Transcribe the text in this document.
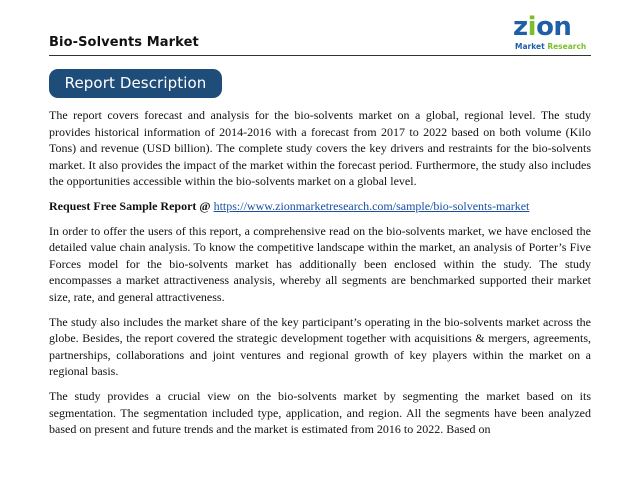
Bio-Solvents Market
zion
Market Research
Report Description

The report covers forecast and analysis for the bio-solvents market on a global, regional level. The study provides historical information of 2014-2016 with a forecast from 2017 to 2022 based on both volume (Kilo Tons) and revenue (USD billion). The complete study covers the key drivers and restraints for the bio-solvents market. It also provides the impact of the market within the forecast period. Furthermore, the study also includes the opportunities accessible within the bio-solvents market on a global level.

Request Free Sample Report @ https://www.zionmarketresearch.com/sample/bio-solvents-market

In order to offer the users of this report, a comprehensive read on the bio-solvents market, we have enclosed the detailed value chain analysis. To know the competitive landscape within the market, an analysis of Porter’s Five Forces model for the bio-solvents market has additionally been enclosed within the study. The study encompasses a market attractiveness analysis, whereby all segments are benchmarked supported their market size, rate, and general attractiveness.

The study also includes the market share of the key participant’s operating in the bio-solvents market across the globe. Besides, the report covered the strategic development together with acquisitions & mergers, agreements, partnerships, collaborations and joint ventures and regional growth of key players within the market on a regional basis.

The study provides a crucial view on the bio-solvents market by segmenting the market based on its segmentation. The segmentation included type, application, and region. All the segments have been analyzed based on present and future trends and the market is estimated from 2016 to 2022. Based on
